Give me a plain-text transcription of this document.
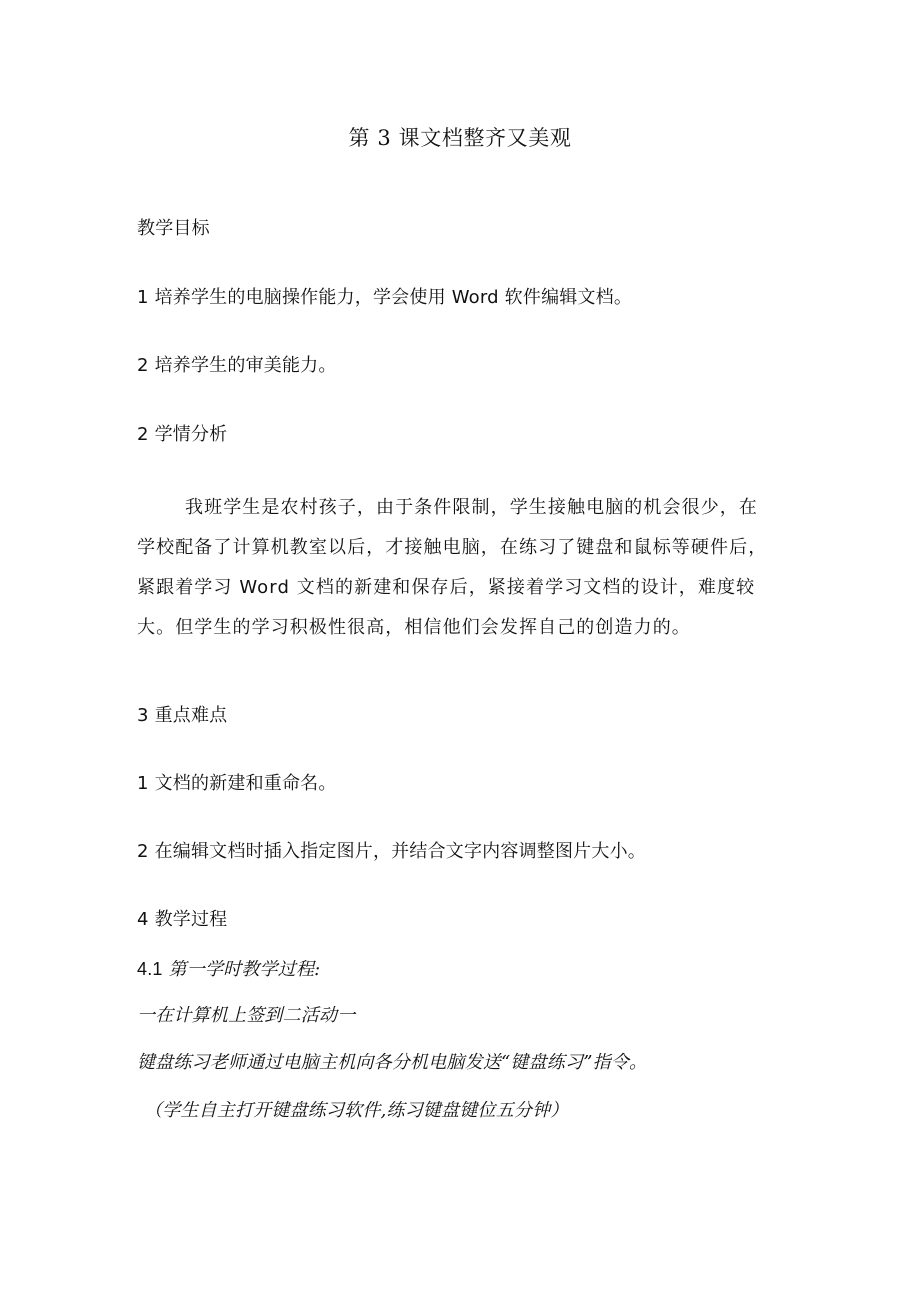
第 3 课文档整齐又美观
教学目标
1 培养学生的电脑操作能力，学会使用 Word 软件编辑文档。
2 培养学生的审美能力。
2 学情分析
我班学生是农村孩子，由于条件限制，学生接触电脑的机会很少，在
学校配备了计算机教室以后，才接触电脑，在练习了键盘和鼠标等硬件后，
紧跟着学习 Word 文档的新建和保存后，紧接着学习文档的设计，难度较
大。但学生的学习积极性很高，相信他们会发挥自己的创造力的。
3 重点难点
1 文档的新建和重命名。
2 在编辑文档时插入指定图片，并结合文字内容调整图片大小。
4 教学过程
4.1 第一学时教学过程:
一在计算机上签到二活动一
键盘练习老师通过电脑主机向各分机电脑发送“键盘练习”指令。
（学生自主打开键盘练习软件,练习键盘键位五分钟）
